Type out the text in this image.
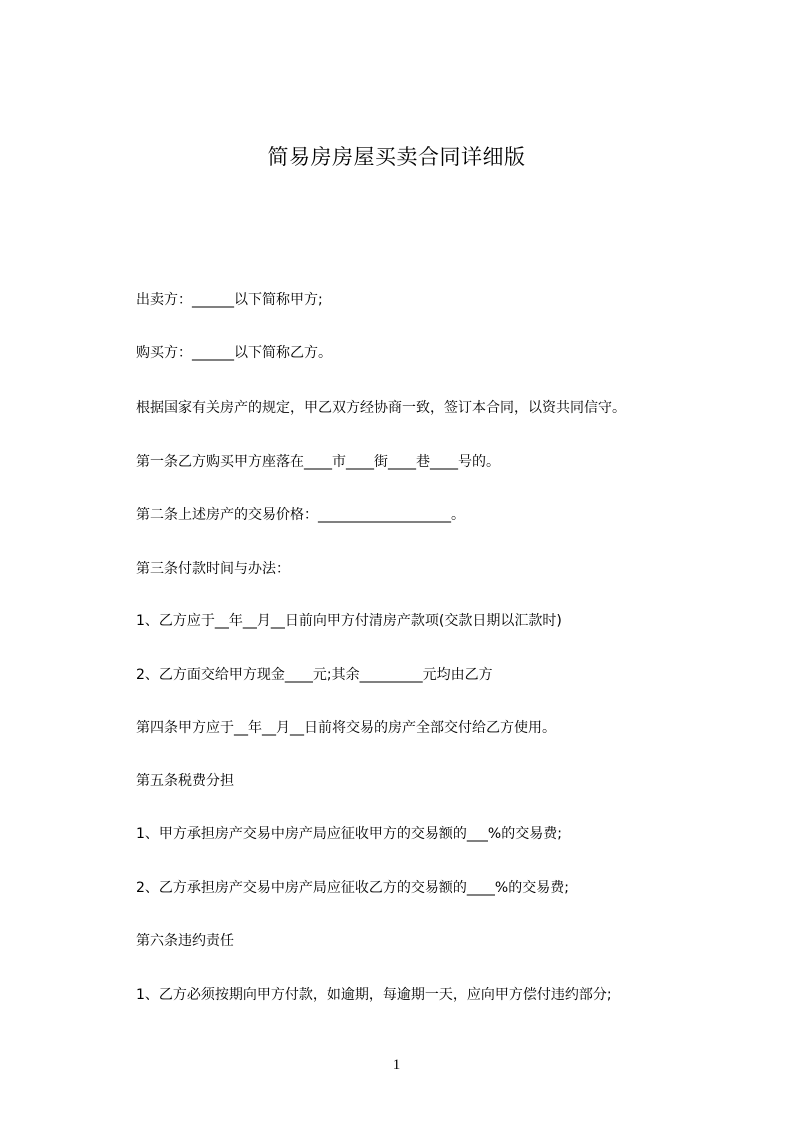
简易房房屋买卖合同详细版
出卖方：______以下简称甲方;
购买方：______以下简称乙方。
根据国家有关房产的规定，甲乙双方经协商一致，签订本合同，以资共同信守。
第一条乙方购买甲方座落在____市____街____巷____号的。
第二条上述房产的交易价格：___________________。
第三条付款时间与办法：
1、乙方应于__年__月__日前向甲方付清房产款项(交款日期以汇款时)
2、乙方面交给甲方现金____元;其余_________元均由乙方
第四条甲方应于__年__月__日前将交易的房产全部交付给乙方使用。
第五条税费分担
1、甲方承担房产交易中房产局应征收甲方的交易额的___%的交易费;
2、乙方承担房产交易中房产局应征收乙方的交易额的____%的交易费;
第六条违约责任
1、乙方必须按期向甲方付款，如逾期，每逾期一天，应向甲方偿付违约部分;
1
